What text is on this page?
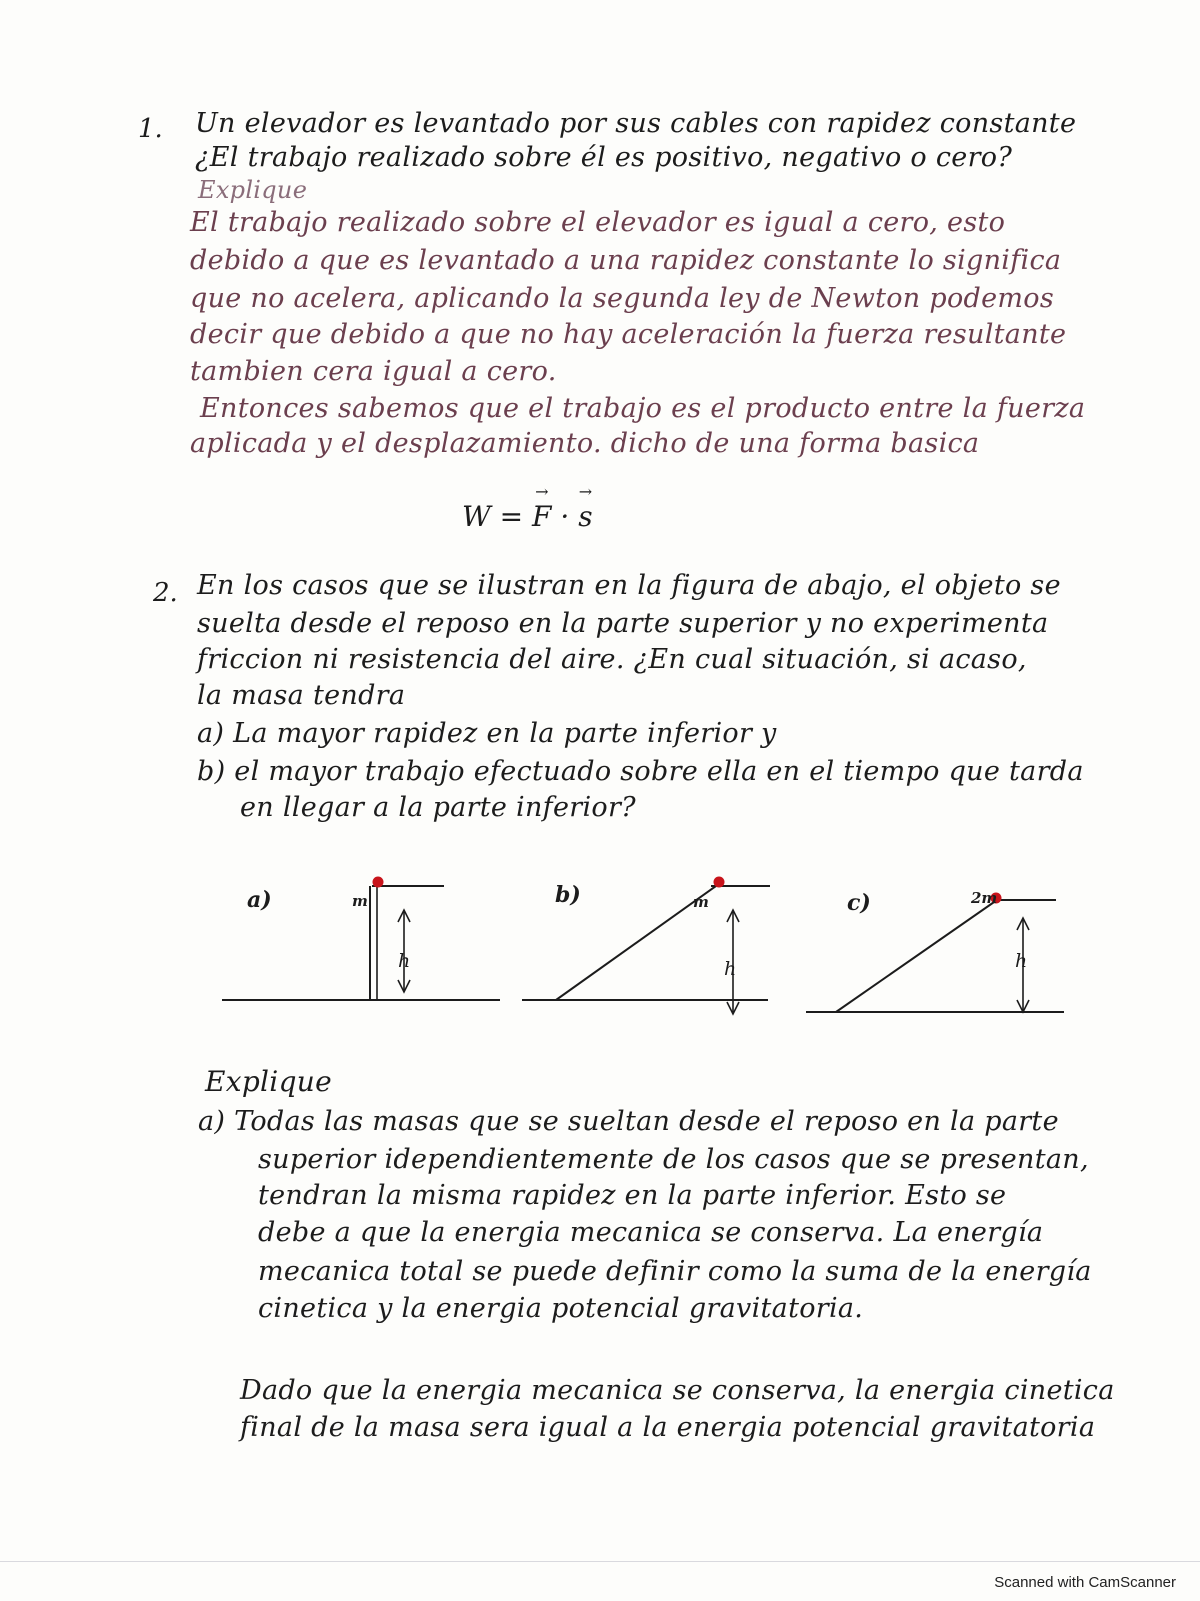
1. Un elevador es levantado por sus cables con rapidez constante
¿El trabajo realizado sobre él es positivo, negativo o cero?
Explique
El trabajo realizado sobre el elevador es igual a cero, esto
debido a que es levantado a una rapidez constante lo significa
que no acelera, aplicando la segunda ley de Newton podemos
decir que debido a que no hay aceleración la fuerza resultante
tambien cera igual a cero.
Entonces sabemos que el trabajo es el producto entre la fuerza
aplicada y el desplazamiento. dicho de una forma basica
W =
→
F ·
→
s
2. En los casos que se ilustran en la figura de abajo, el objeto se
suelta desde el reposo en la parte superior y no experimenta
friccion ni resistencia del aire. ¿En cual situación, si acaso,
la masa tendra
a) La mayor rapidez en la parte inferior y
b) el mayor trabajo efectuado sobre ella en el tiempo que tarda
en llegar a la parte inferior?
a)	m
h
b)	m
h
c)	2m
h
Explique
a) Todas las masas que se sueltan desde el reposo en la parte
superior idependientemente de los casos que se presentan,
tendran la misma rapidez en la parte inferior. Esto se
debe a que la energia mecanica se conserva. La energía
mecanica total se puede definir como la suma de la energía
cinetica y la energia potencial gravitatoria.
Dado que la energia mecanica se conserva, la energia cinetica
final de la masa sera igual a la energia potencial gravitatoria
Scanned with CamScanner
